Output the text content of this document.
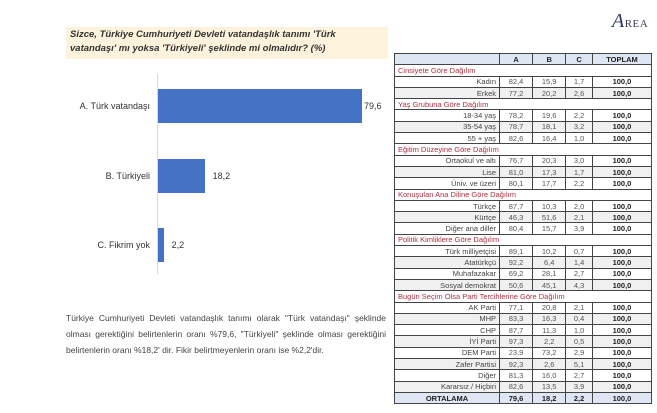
Sizce, Türkiye Cumhuriyeti Devleti vatandaşlık tanımı 'Türk vatandaşı' mı yoksa 'Türkiyeli' şeklinde mi olmalıdır? (%)
AREA
A. Türk vatandaşı	79,6
B. Türkiyeli	18,2
C. Fikrim yok 2,2
Türkiye Cumhuriyeti Devleti vatandaşlık tanımı olarak "Türk vatandaşı" şeklinde olması gerektiğini belirtenlerin oranı %79,6, "Türkiyeli" şeklinde olması gerektiğini belirtenlerin oranı %18,2' dir. Fikir belirtmeyenlerin oranı ise %2,2'dir.
	A	B	C	TOPLAM
Cinsiyete Göre Dağılım				
Kadın	82,4	15,9	1,7	100,0
Erkek	77,2	20,2	2,6	100,0
Yaş Grubuna Göre Dağılım				
18-34 yaş	78,2	19,6	2,2	100,0
35-54 yaş	78,7	18,1	3,2	100,0
55 + yaş	82,6	16,4	1,0	100,0
Eğitim Düzeyine Göre Dağılım				
Ortaokul ve altı	76,7	20,3	3,0	100,0
Lise	81,0	17,3	1,7	100,0
Üniv. ve üzeri	80,1	17,7	2,2	100,0
Konuşulan Ana Diline Göre Dağılım				
Türkçe	87,7	10,3	2,0	100,0
Kürtçe	46,3	51,6	2,1	100,0
Diğer ana diller	80,4	15,7	3,9	100,0
Politik Kimliklere Göre Dağılım				
Türk milliyetçisi	89,1	10,2	0,7	100,0
Atatürkçü	92,2	6,4	1,4	100,0
Muhafazakar	69,2	28,1	2,7	100,0
Sosyal demokrat	50,6	45,1	4,3	100,0
Bugün Seçim Olsa Parti Tercihlerine Göre Dağılım				
AK Parti	77,1	20,8	2,1	100,0
MHP	83,3	16,3	0,4	100,0
CHP	87,7	11,3	1,0	100,0
İYİ Parti	97,3	2,2	0,5	100,0
DEM Parti	23,9	73,2	2,9	100,0
Zafer Partisi	92,3	2,6	5,1	100,0
Diğer	81,3	16,0	2,7	100,0
Kararsız / Hiçbiri	82,6	13,5	3,9	100,0
ORTALAMA	79,6	18,2	2,2	100,0
